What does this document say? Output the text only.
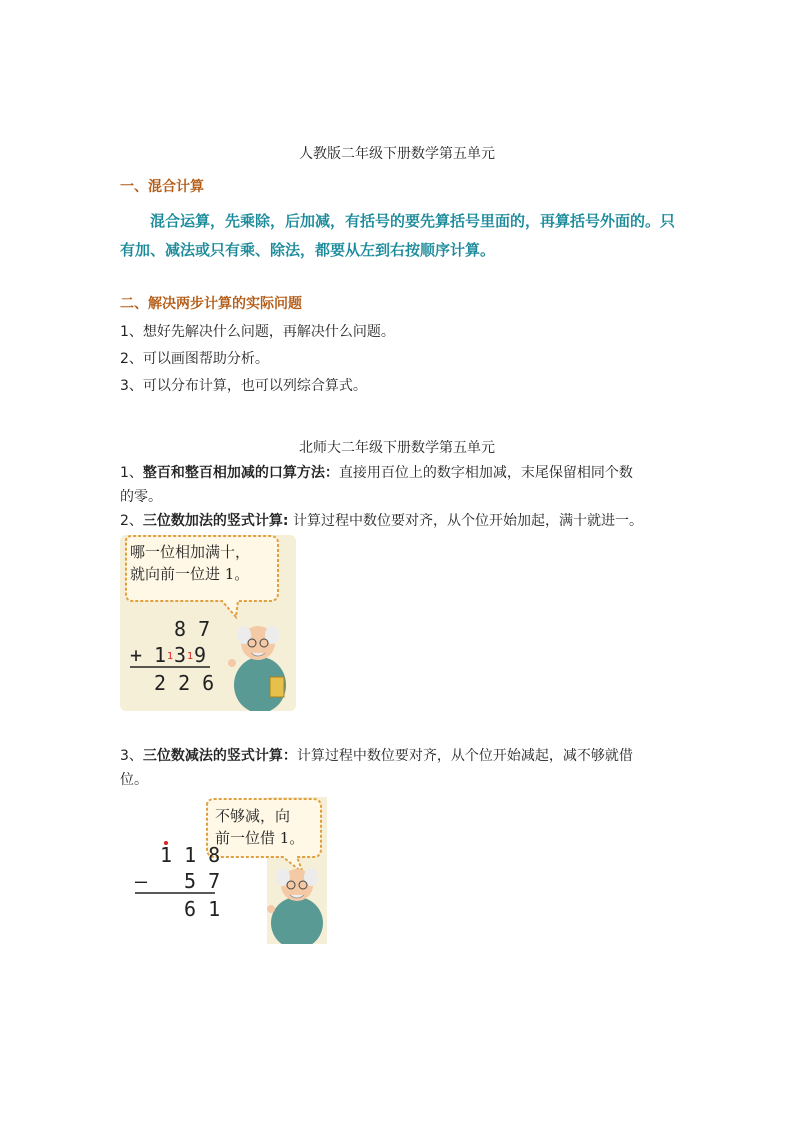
人教版二年级下册数学第五单元
一、混合计算
混合运算，先乘除，后加减，有括号的要先算括号里面的，再算括号外面的。只
有加、减法或只有乘、除法，都要从左到右按顺序计算。
二、解决两步计算的实际问题
1、想好先解决什么问题，再解决什么问题。
2、可以画图帮助分析。
3、可以分布计算，也可以列综合算式。
北师大二年级下册数学第五单元
1、整百和整百相加减的口算方法：直接用百位上的数字相加减，末尾保留相同个数
的零。
2、三位数加法的竖式计算: 计算过程中数位要对齐，从个位开始加起，满十就进一。
哪一位相加满十，
就向前一位进 1。
8 7
+ 1 1 3 1 9
2 2 6
3、三位数减法的竖式计算：计算过程中数位要对齐，从个位开始减起，减不够就借
位。
不够减，向
前一位借 1。
1 1 8
– 5 7
6 1
